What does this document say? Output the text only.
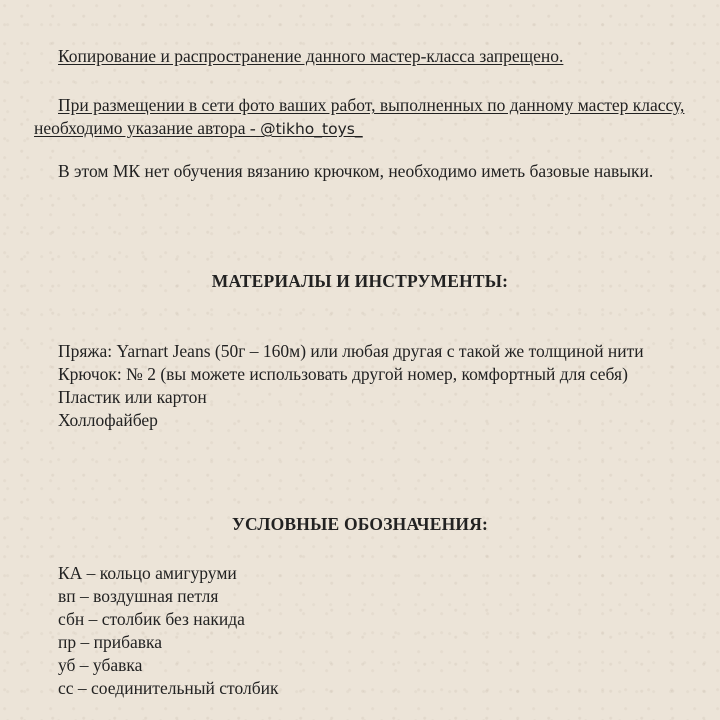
Копирование и распространение данного мастер-класса запрещено.

При размещении в сети фото ваших работ, выполненных по данному мастер классу, необходимо указание автора - @tikho_toys_

В этом МК нет обучения вязанию крючком, необходимо иметь базовые навыки.

МАТЕРИАЛЫ И ИНСТРУМЕНТЫ:
Пряжа: Yarnart Jeans (50г – 160м) или любая другая с такой же толщиной нити
Крючок: № 2 (вы можете использовать другой номер, комфортный для себя)
Пластик или картон
Холлофайбер
УСЛОВНЫЕ ОБОЗНАЧЕНИЯ:
КА – кольцо амигуруми
вп – воздушная петля
сбн – столбик без накида
пр – прибавка
уб – убавка
сс – соединительный столбик
